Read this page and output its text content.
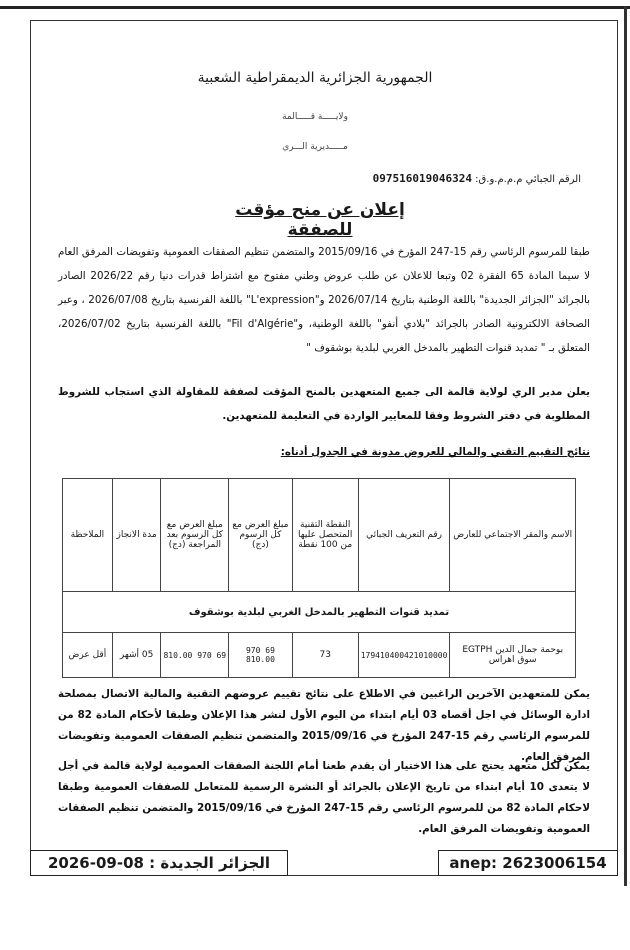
الجمهورية الجزائرية الديمقراطية الشعبية
ولايـــــة قـــــالمة
مـــــديرية الـــري
الرقم الجبائي م.م.م.و.ق: 097516019046324
إعلان عن منح مؤقت للصفقة
طبقا للمرسوم الرئاسي رقم 15-247 المؤرخ في 2015/09/16 والمتضمن تنظيم الصفقات العمومية وتفويضات المرفق العام لا سيما المادة 65 الفقرة 02 وتبعا للاعلان عن طلب عروض وطني مفتوح مع اشتراط قدرات دنيا رقم 2026/22 الصادر بالجرائد "الجزائر الجديدة" باللغة الوطنية بتاريخ 2026/07/14 و"L'expression" باللغة الفرنسية بتاريخ 2026/07/08 ، وعبر الصحافة الالكترونية الصادر بالجرائد "بلادي أنفو" باللغة الوطنية، و"Fil d'Algérie" باللغة الفرنسية بتاريخ 2026/07/02، المتعلق بـ " تمديد قنوات التطهير بالمدخل الغربي لبلدية بوشقوف "
يعلن مدير الري لولاية قالمة الى جميع المتعهدين بالمنح المؤقت لصفقة للمقاولة الذي استجاب للشروط المطلوبة في دفتر الشروط وفقا للمعايير الواردة في التعليمة للمتعهدين.
نتائج التقييم التقني والمالي للعروض مدونة في الجدول أدناه:
الاسم والمقر الاجتماعي للعارض	رقم التعريف الجبائي	النقطة التقنية المتحصل عليها من 100 نقطة	مبلغ العرض مع كل الرسوم (دج)	مبلغ العرض مع كل الرسوم بعد المراجعة (دج)	مدة الانجاز	الملاحظة
تمديد قنوات التطهير بالمدخل الغربي لبلدية بوشقوف						
بوحمة جمال الدين EGTPH سوق اهراس	179410400421010000	73	69 970 810.00	69 970 810.00	05 أشهر	أقل عرض
يمكن للمتعهدين الآخرين الراغبين في الاطلاع على نتائج تقييم عروضهم التقنية والمالية الاتصال بمصلحة ادارة الوسائل في اجل أقصاه 03 أيام ابتداء من اليوم الأول لنشر هذا الإعلان وطبقا لأحكام المادة 82 من للمرسوم الرئاسي رقم 15-247 المؤرخ في 2015/09/16 والمتضمن تنظيم الصفقات العمومية وتفويضات المرفق العام.
يمكن لكل متعهد يحتج على هذا الاختيار أن يقدم طعنا أمام اللجنة الصفقات العمومية لولاية قالمة في أجل لا يتعدى 10 أيام ابتداء من تاريخ الإعلان بالجرائد أو النشرة الرسمية للمتعامل للصفقات العمومية وطبقا لاحكام المادة 82 من للمرسوم الرئاسي رقم 15-247 المؤرخ في 2015/09/16 والمتضمن تنظيم الصفقات العمومية وتفويضات المرفق العام.
الجزائر الجديدة : 08-09-2026	anep: 2623006154
